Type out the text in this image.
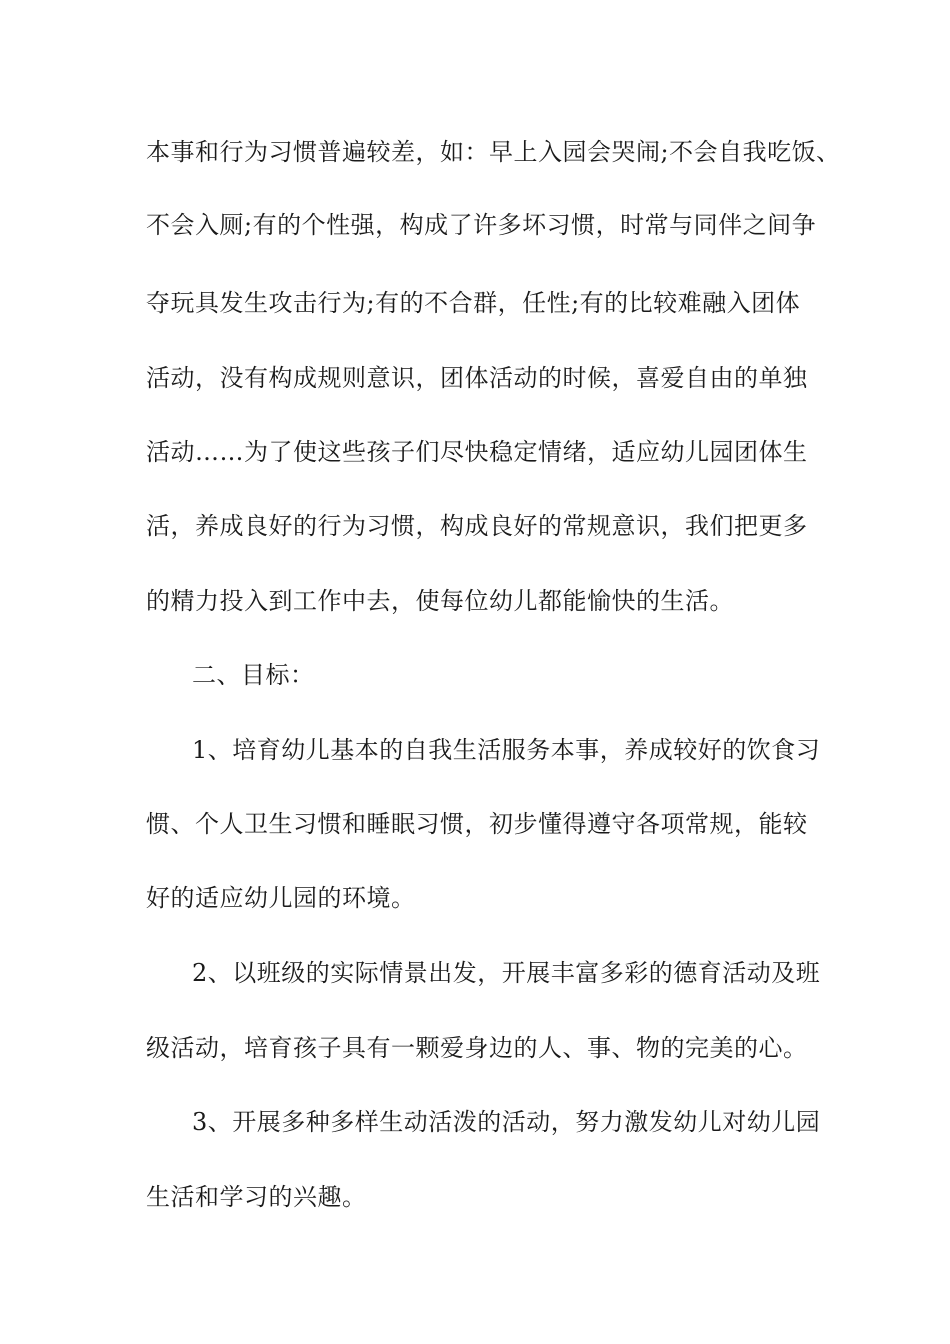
本事和行为习惯普遍较差，如：早上入园会哭闹;不会自我吃饭、
不会入厕;有的个性强，构成了许多坏习惯，时常与同伴之间争
夺玩具发生攻击行为;有的不合群，任性;有的比较难融入团体
活动，没有构成规则意识，团体活动的时候，喜爱自由的单独
活动……为了使这些孩子们尽快稳定情绪，适应幼儿园团体生
活，养成良好的行为习惯，构成良好的常规意识，我们把更多
的精力投入到工作中去，使每位幼儿都能愉快的生活。
二、目标：
1、培育幼儿基本的自我生活服务本事，养成较好的饮食习
惯、个人卫生习惯和睡眠习惯，初步懂得遵守各项常规，能较
好的适应幼儿园的环境。
2、以班级的实际情景出发，开展丰富多彩的德育活动及班
级活动，培育孩子具有一颗爱身边的人、事、物的完美的心。
3、开展多种多样生动活泼的活动，努力激发幼儿对幼儿园
生活和学习的兴趣。
